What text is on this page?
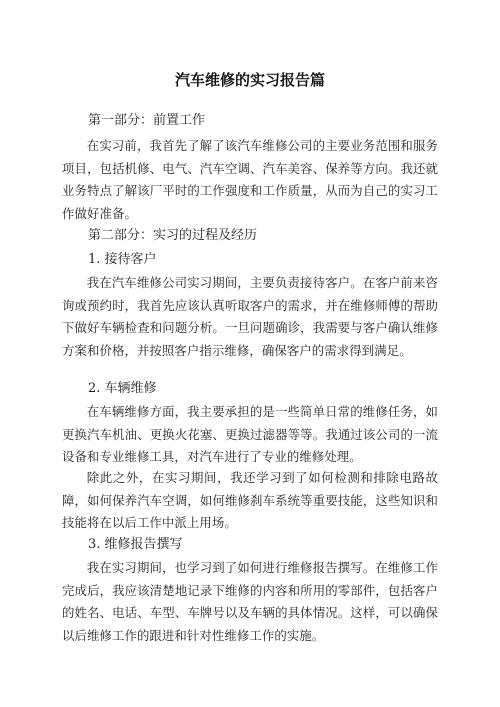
汽车维修的实习报告篇
第一部分：前置工作

在实习前，我首先了解了该汽车维修公司的主要业务范围和服务项目，包括机修、电气、汽车空调、汽车美容、保养等方向。我还就业务特点了解该厂平时的工作强度和工作质量，从而为自己的实习工作做好准备。

第二部分：实习的过程及经历
1. 接待客户

我在汽车维修公司实习期间，主要负责接待客户。在客户前来咨询或预约时，我首先应该认真听取客户的需求，并在维修师傅的帮助下做好车辆检查和问题分析。一旦问题确诊，我需要与客户确认维修方案和价格，并按照客户指示维修，确保客户的需求得到满足。

2. 车辆维修

在车辆维修方面，我主要承担的是一些简单日常的维修任务，如更换汽车机油、更换火花塞、更换过滤器等等。我通过该公司的一流设备和专业维修工具，对汽车进行了专业的维修处理。

除此之外，在实习期间，我还学习到了如何检测和排除电路故障，如何保养汽车空调，如何维修刹车系统等重要技能，这些知识和技能将在以后工作中派上用场。

3. 维修报告撰写

我在实习期间，也学习到了如何进行维修报告撰写。在维修工作完成后，我应该清楚地记录下维修的内容和所用的零部件，包括客户的姓名、电话、车型、车牌号以及车辆的具体情况。这样，可以确保以后维修工作的跟进和针对性维修工作的实施。
